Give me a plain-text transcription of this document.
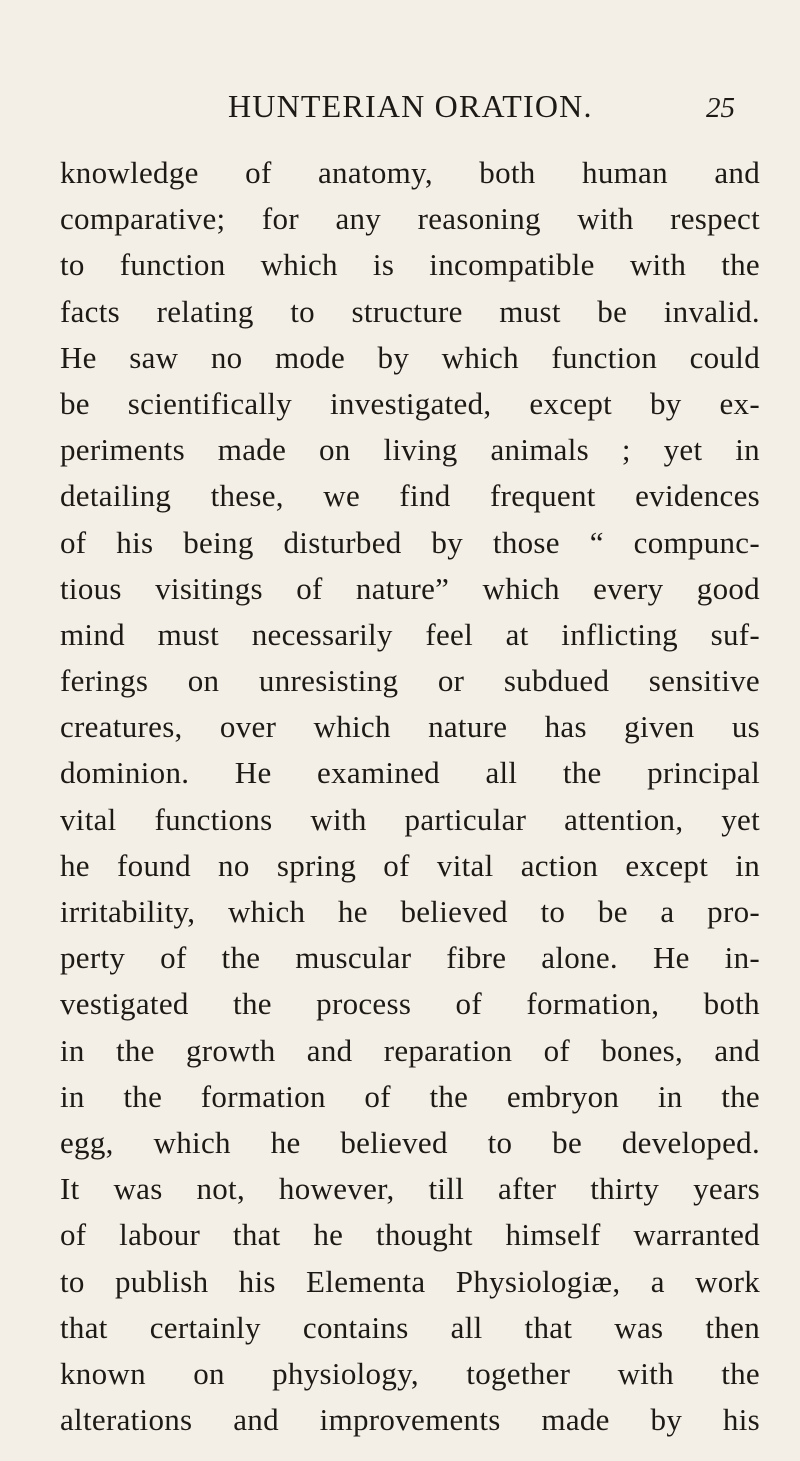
HUNTERIAN ORATION.	25
knowledge of anatomy, both human and
comparative; for any reasoning with respect
to function which is incompatible with the
facts relating to structure must be invalid.
He saw no mode by which function could
be scientifically investigated, except by ex-
periments made on living animals ; yet in
detailing these, we find frequent evidences
of his being disturbed by those “ compunc-
tious visitings of nature” which every good
mind must necessarily feel at inflicting suf-
ferings on unresisting or subdued sensitive
creatures, over which nature has given us
dominion. He examined all the principal
vital functions with particular attention, yet
he found no spring of vital action except in
irritability, which he believed to be a pro-
perty of the muscular fibre alone. He in-
vestigated the process of formation, both
in the growth and reparation of bones, and
in the formation of the embryon in the
egg, which he believed to be developed.
It was not, however, till after thirty years
of labour that he thought himself warranted
to publish his Elementa Physiologiæ, a work
that certainly contains all that was then
known on physiology, together with the
alterations and improvements made by his
